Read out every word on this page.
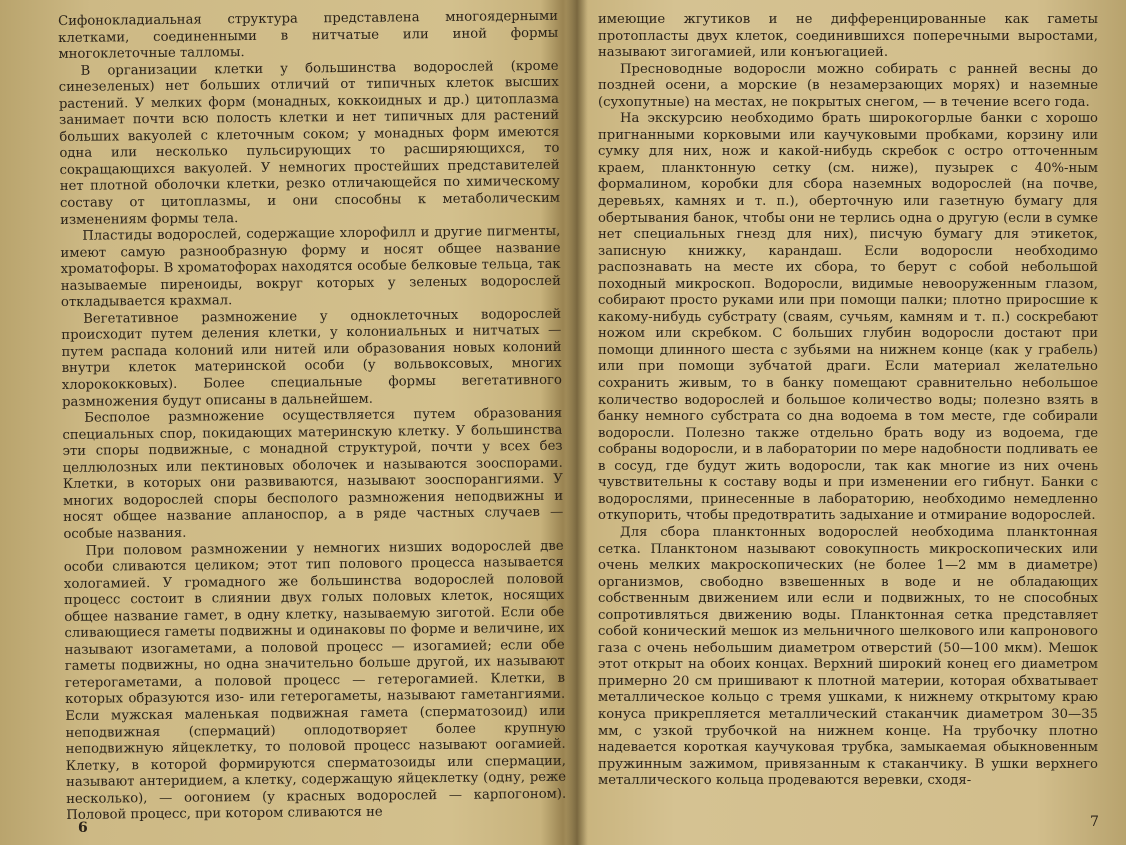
Сифонокладиальная структура представлена многоядерными клетками, соединенными в нитчатые или иной формы многоклеточные талломы.

В организации клетки у большинства водорослей (кроме синезеленых) нет больших отличий от типичных клеток высших растений. У мелких форм (монадных, коккоидных и др.) цитоплазма занимает почти всю полость клетки и нет типичных для растений больших вакуолей с клеточным соком; у монадных форм имеются одна или несколько пульсирующих то расширяющихся, то сокращающихся вакуолей. У немногих простейших представителей нет плотной оболочки клетки, резко отличающейся по химическому составу от цитоплазмы, и они способны к метаболическим изменениям формы тела.

Пластиды водорослей, содержащие хлорофилл и другие пигменты, имеют самую разнообразную форму и носят общее название хроматофоры. В хроматофорах находятся особые белковые тельца, так называемые пиреноиды, вокруг которых у зеленых водорослей откладывается крахмал.

Вегетативное размножение у одноклеточных водорослей происходит путем деления клетки, у колониальных и нитчатых — путем распада колоний или нитей или образования новых колоний внутри клеток материнской особи (у вольвоксовых, многих хлорококковых). Более специальные формы вегетативного размножения будут описаны в дальнейшем.

Бесполое размножение осуществляется путем образования специальных спор, покидающих материнскую клетку. У большинства эти споры подвижные, с монадной структурой, почти у всех без целлюлозных или пектиновых оболочек и называются зооспорами. Клетки, в которых они развиваются, называют зооспорангиями. У многих водорослей споры бесполого размножения неподвижны и носят общее название апланоспор, а в ряде частных случаев — особые названия.

При половом размножении у немногих низших водорослей две особи сливаются целиком; этот тип полового процесса называется хологамией. У громадного же большинства водорослей половой процесс состоит в слиянии двух голых половых клеток, носящих общее название гамет, в одну клетку, называемую зиготой. Если обе сливающиеся гаметы подвижны и одинаковы по форме и величине, их называют изогаметами, а половой процесс — изогамией; если обе гаметы подвижны, но одна значительно больше другой, их называют гетерогаметами, а половой процесс — гетерогамией. Клетки, в которых образуются изо- или гетерогаметы, называют гаметангиями. Если мужская маленькая подвижная гамета (сперматозоид) или неподвижная (спермаций) оплодотворяет более крупную неподвижную яйцеклетку, то половой процесс называют оогамией. Клетку, в которой формируются сперматозоиды или спермации, называют антеридием, а клетку, содержащую яйцеклетку (одну, реже несколько), — оогонием (у красных водорослей — карпогоном). Половой процесс, при котором сливаются не

6

имеющие жгутиков и не дифференцированные как гаметы протопласты двух клеток, соединившихся поперечными выростами, называют зигогамией, или конъюгацией.

Пресноводные водоросли можно собирать с ранней весны до поздней осени, а морские (в незамерзающих морях) и наземные (сухопутные) на местах, не покрытых снегом, — в течение всего года.

На экскурсию необходимо брать широкогорлые банки с хорошо пригнанными корковыми или каучуковыми пробками, корзину или сумку для них, нож и какой-нибудь скребок с остро отточенным краем, планктонную сетку (см. ниже), пузырек с 40%-ным формалином, коробки для сбора наземных водорослей (на почве, деревьях, камнях и т. п.), оберточную или газетную бумагу для обертывания банок, чтобы они не терлись одна о другую (если в сумке нет специальных гнезд для них), писчую бумагу для этикеток, записную книжку, карандаш. Если водоросли необходимо распознавать на месте их сбора, то берут с собой небольшой походный микроскоп. Водоросли, видимые невооруженным глазом, собирают просто руками или при помощи палки; плотно приросшие к какому-нибудь субстрату (сваям, сучьям, камням и т. п.) соскребают ножом или скребком. С больших глубин водоросли достают при помощи длинного шеста с зубьями на нижнем конце (как у грабель) или при помощи зубчатой драги. Если материал желательно сохранить живым, то в банку помещают сравнительно небольшое количество водорослей и большое количество воды; полезно взять в банку немного субстрата со дна водоема в том месте, где собирали водоросли. Полезно также отдельно брать воду из водоема, где собраны водоросли, и в лаборатории по мере надобности подливать ее в сосуд, где будут жить водоросли, так как многие из них очень чувствительны к составу воды и при изменении его гибнут. Банки с водорослями, принесенные в лабораторию, необходимо немедленно откупорить, чтобы предотвратить задыхание и отмирание водорослей.

Для сбора планктонных водорослей необходима планктонная сетка. Планктоном называют совокупность микроскопических или очень мелких макроскопических (не более 1—2 мм в диаметре) организмов, свободно взвешенных в воде и не обладающих собственным движением или если и подвижных, то не способных сопротивляться движению воды. Планктонная сетка представляет собой конический мешок из мельничного шелкового или капронового газа с очень небольшим диаметром отверстий (50—100 мкм). Мешок этот открыт на обоих концах. Верхний широкий конец его диаметром примерно 20 см пришивают к плотной материи, которая обхватывает металлическое кольцо с тремя ушками, к нижнему открытому краю конуса прикрепляется металлический стаканчик диаметром 30—35 мм, с узкой трубочкой на нижнем конце. На трубочку плотно надевается короткая каучуковая трубка, замыкаемая обыкновенным пружинным зажимом, привязанным к стаканчику. В ушки верхнего металлического кольца продеваются веревки, сходя-

7
